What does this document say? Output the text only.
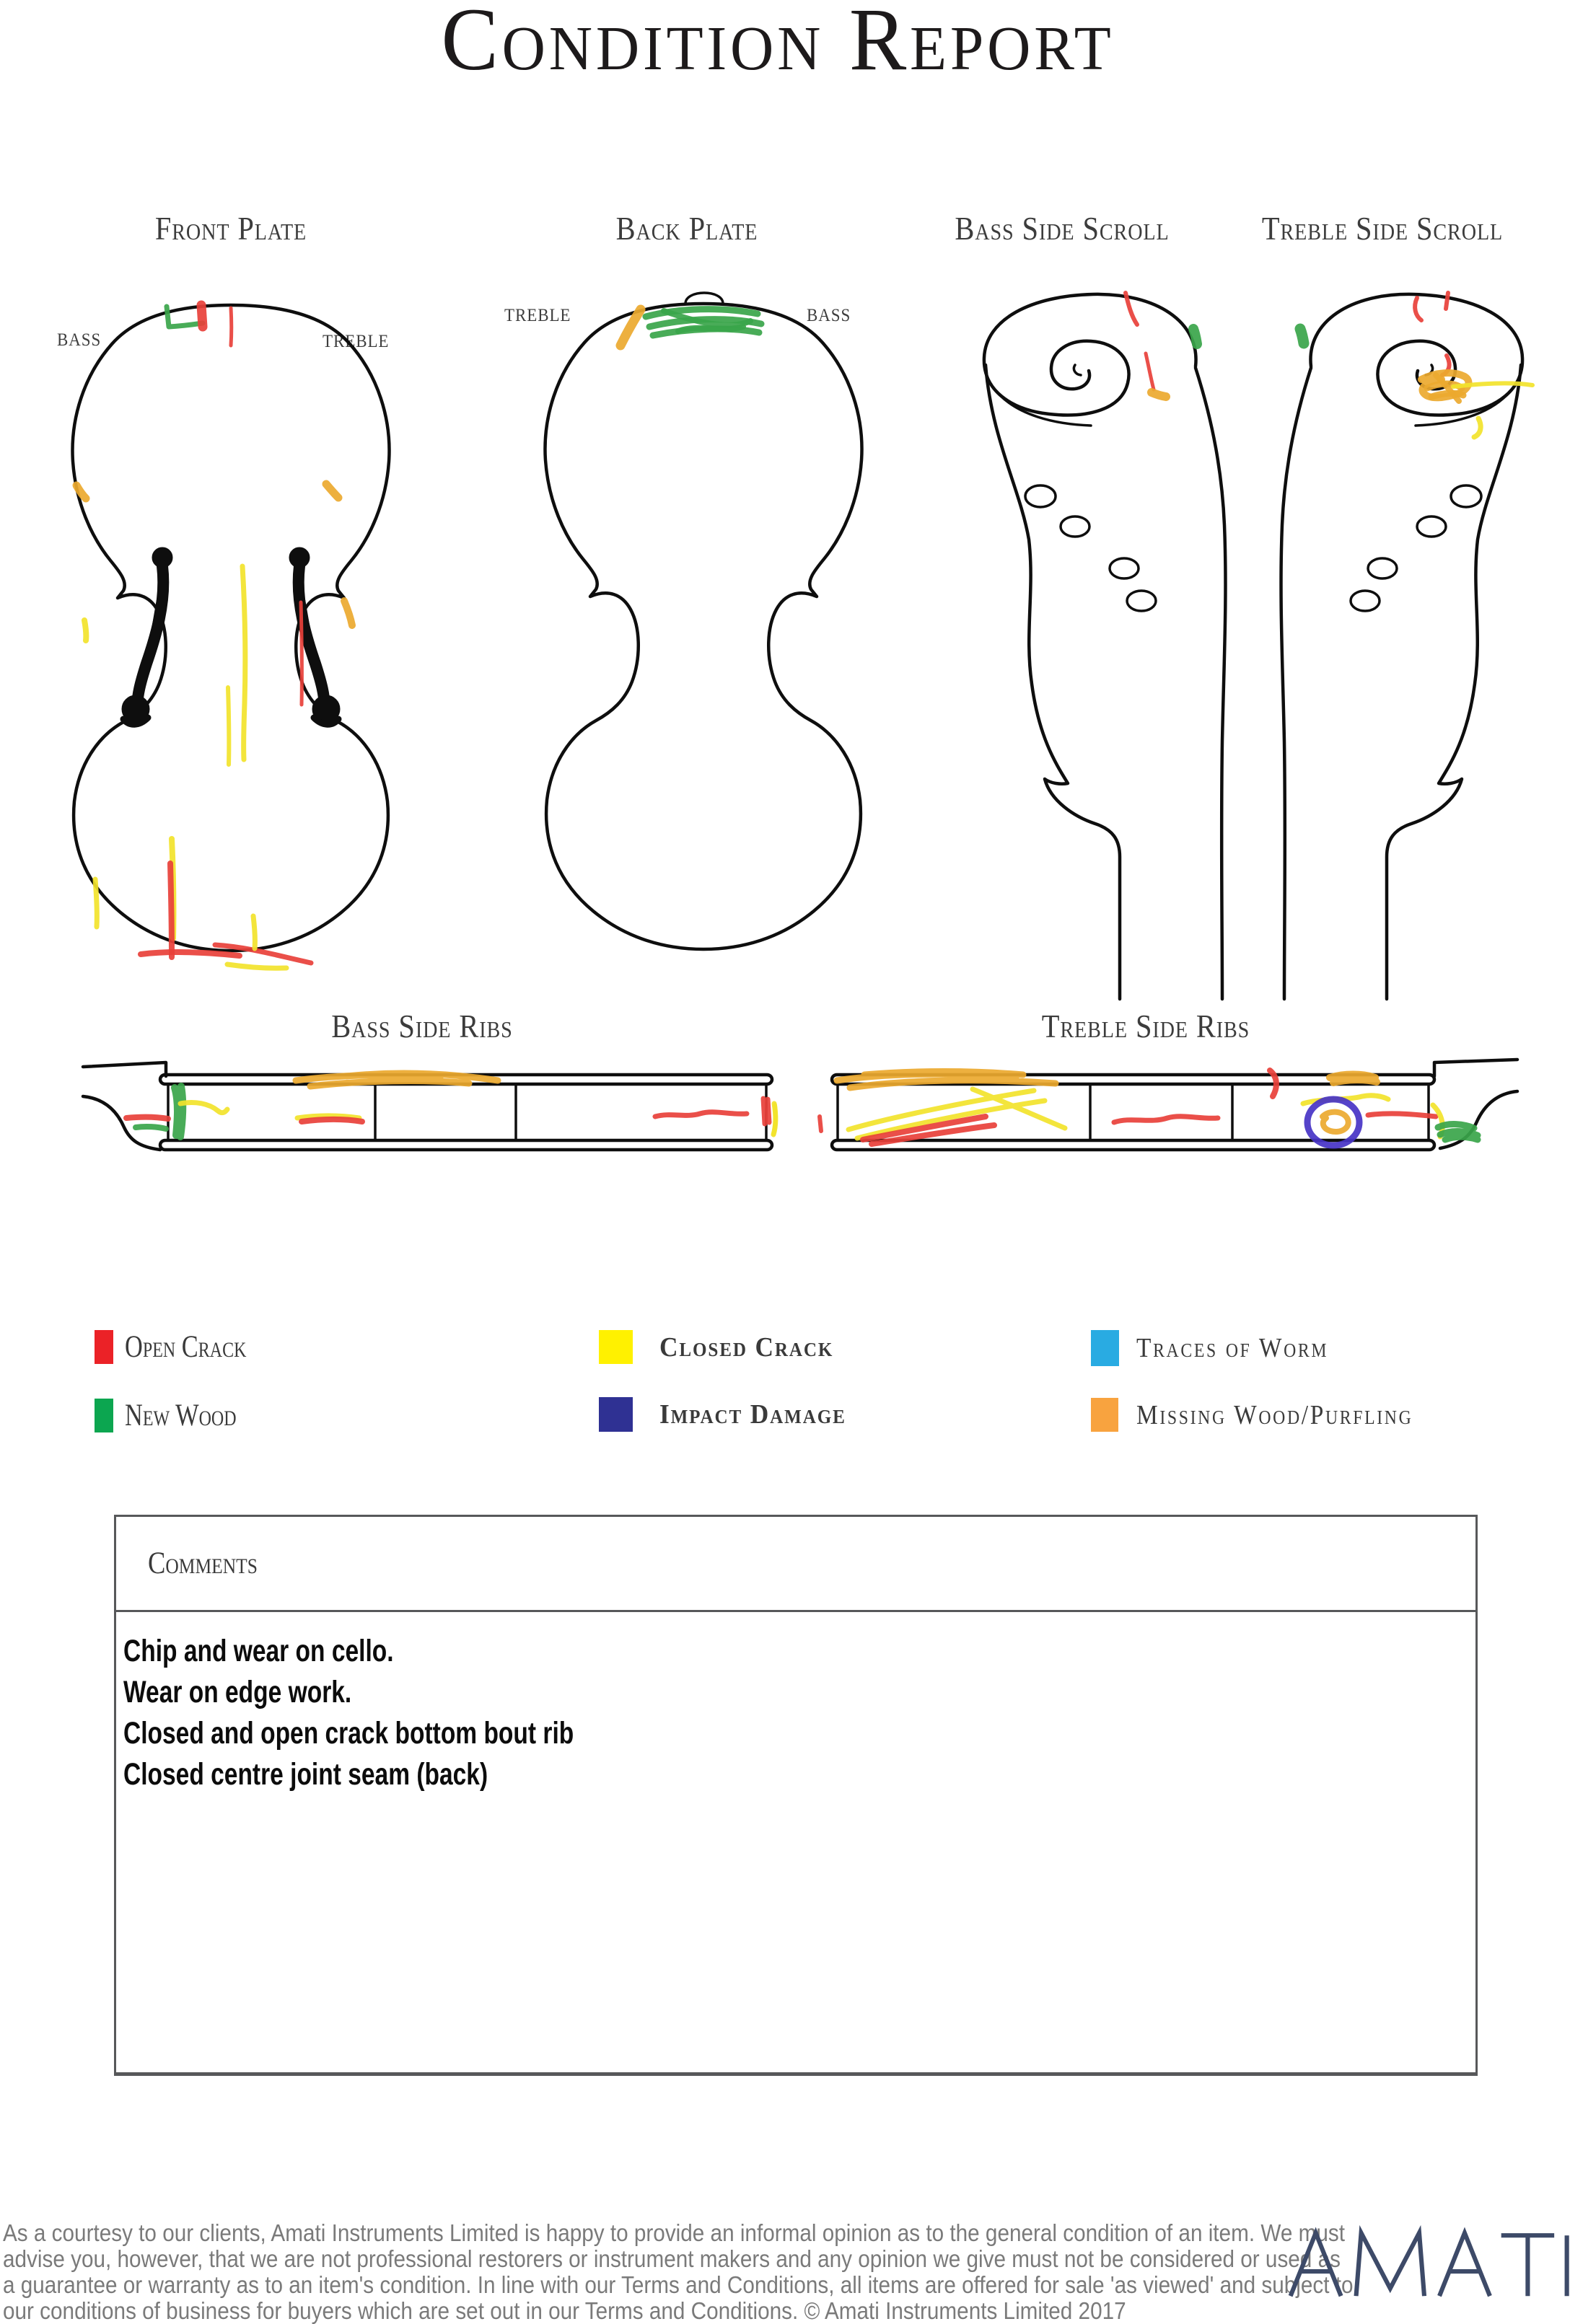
Condition Report
Front Plate	Back Plate	Bass Side Scroll	Treble Side Scroll
BASS	TREBLE
TREBLE	BASS
Bass Side Ribs	Treble Side Ribs
Open Crack	Closed Crack	Traces of Worm
New Wood	Impact Damage	Missing Wood/Purfling
Comments
Chip and wear on cello.
Wear on edge work.
Closed and open crack bottom bout rib
Closed centre joint seam (back)
As a courtesy to our clients, Amati Instruments Limited is happy to provide an informal opinion as to the general condition of an item. We must
advise you, however, that we are not professional restorers or instrument makers and any opinion we give must not be considered or used as
a guarantee or warranty as to an item's condition. In line with our Terms and Conditions, all items are offered for sale 'as viewed' and subject to
our conditions of business for buyers which are set out in our Terms and Conditions. © Amati Instruments Limited 2017
